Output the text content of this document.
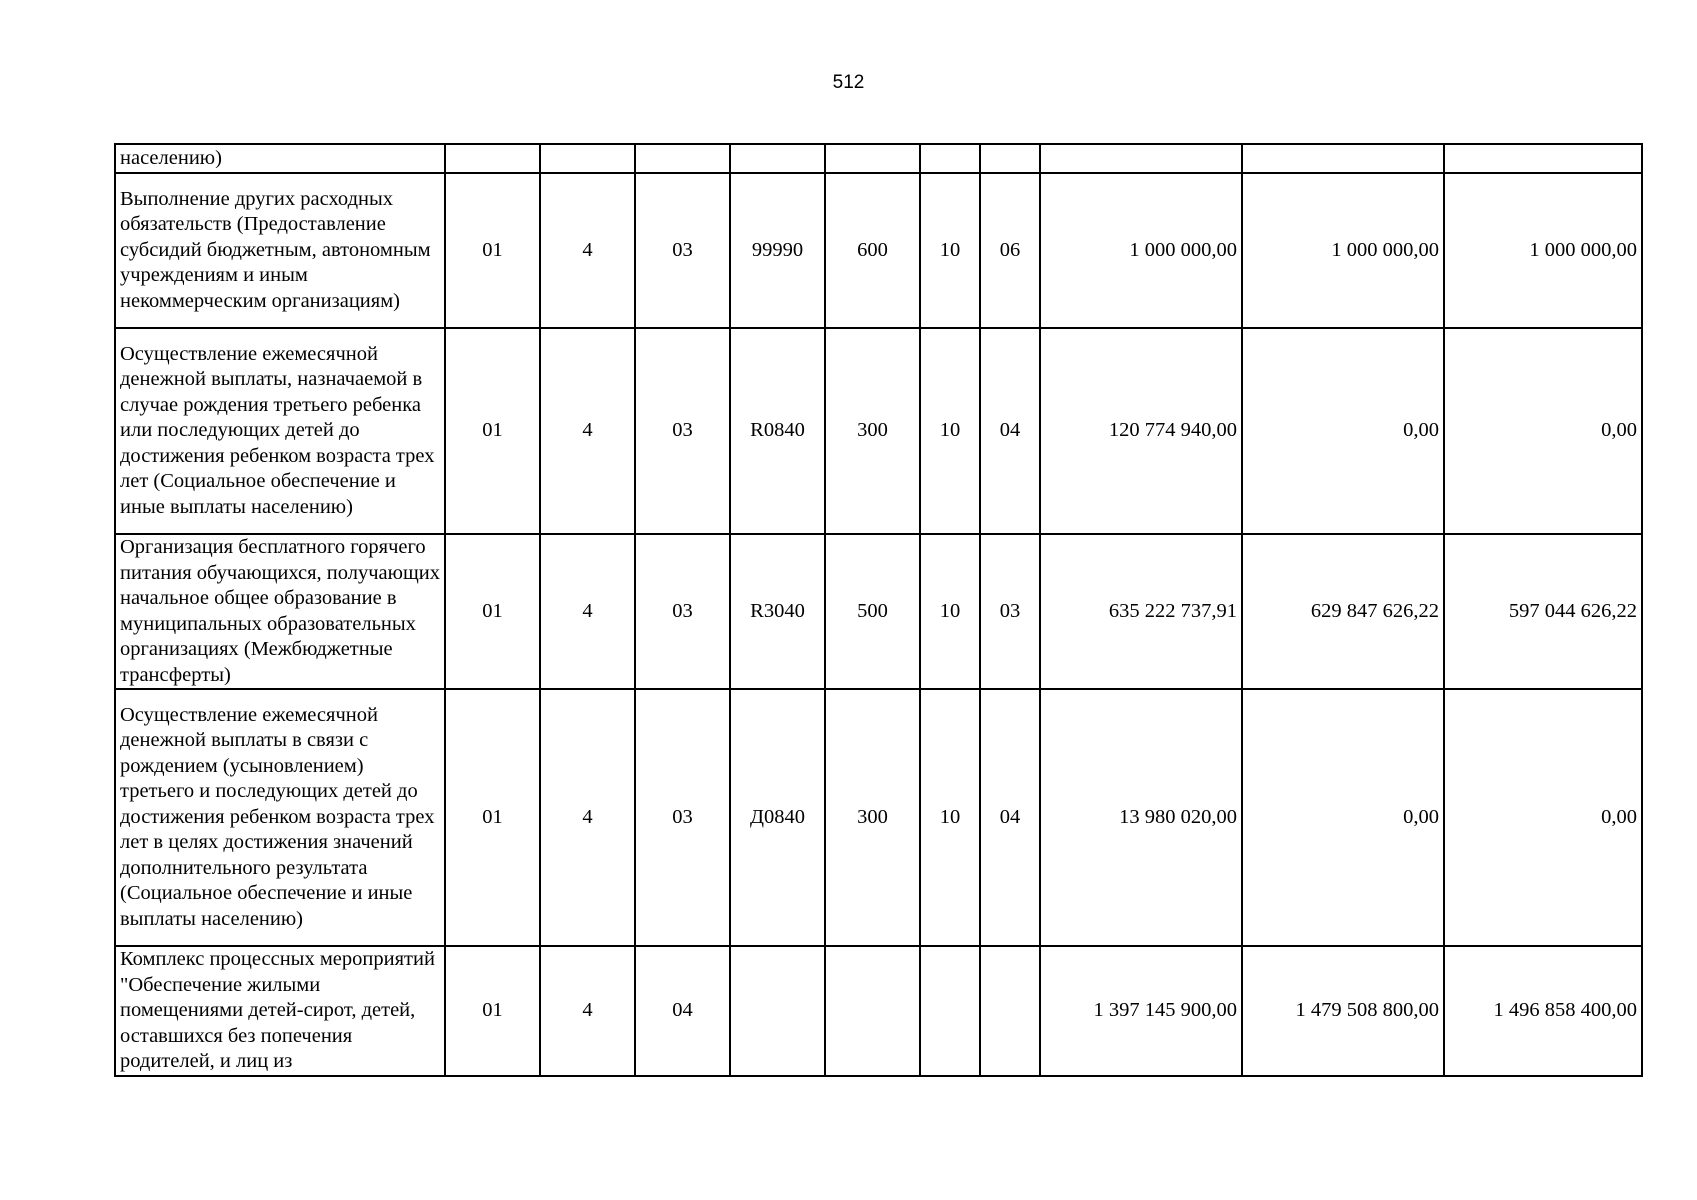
512
населению)										
Выполнение других расходных обязательств (Предоставление субсидий бюджетным, автономным учреждениям и иным некоммерческим организациям)	01	4	03	99990	600	10	06	1 000 000,00	1 000 000,00	1 000 000,00
Осуществление ежемесячной денежной выплаты, назначаемой в случае рождения третьего ребенка или последующих детей до достижения ребенком возраста трех лет (Социальное обеспечение и иные выплаты населению)	01	4	03	R0840	300	10	04	120 774 940,00	0,00	0,00
Организация бесплатного горячего питания обучающихся, получающих начальное общее образование в муниципальных образовательных организациях (Межбюджетные трансферты)	01	4	03	R3040	500	10	03	635 222 737,91	629 847 626,22	597 044 626,22
Осуществление ежемесячной денежной выплаты в связи с рождением (усыновлением) третьего и последующих детей до достижения ребенком возраста трех лет в целях достижения значений дополнительного результата (Социальное обеспечение и иные выплаты населению)	01	4	03	Д0840	300	10	04	13 980 020,00	0,00	0,00
Комплекс процессных мероприятий "Обеспечение жилыми помещениями детей-сирот, детей, оставшихся без попечения родителей, и лиц из	01	4	04					1 397 145 900,00	1 479 508 800,00	1 496 858 400,00
